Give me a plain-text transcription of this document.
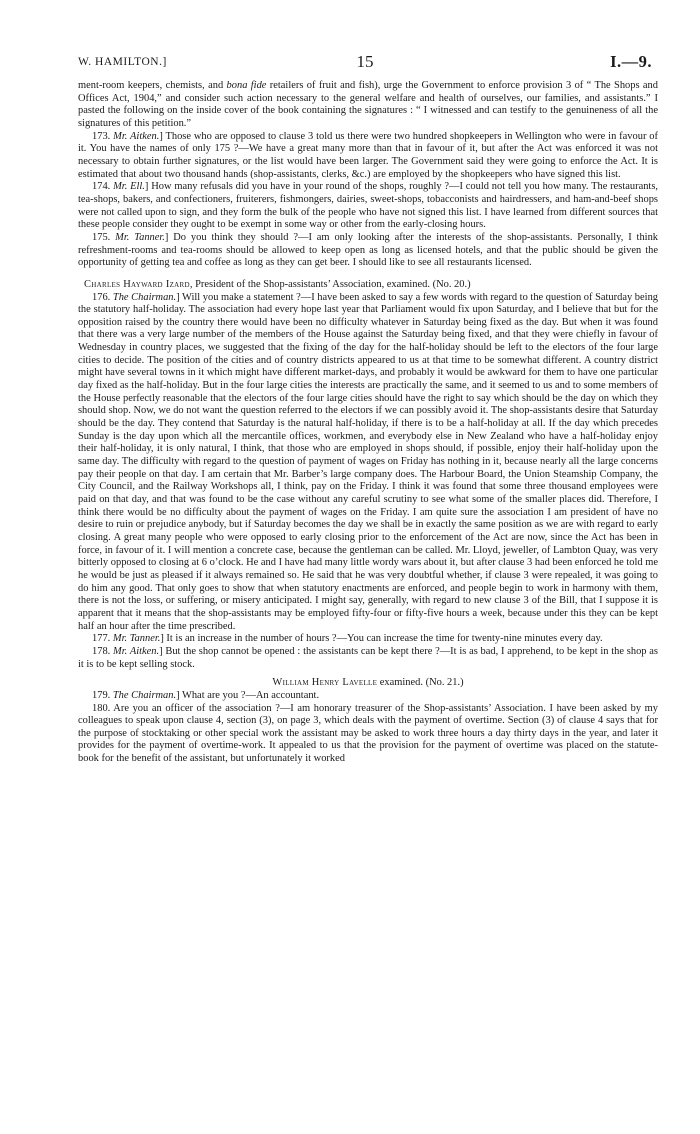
W. HAMILTON.]	15	I.—9.

ment-room keepers, chemists, and bona fide retailers of fruit and fish), urge the Government to enforce provision 3 of “ The Shops and Offices Act, 1904,” and consider such action necessary to the general welfare and health of ourselves, our families, and assistants.” I pasted the following on the inside cover of the book containing the signatures : “ I witnessed and can testify to the genuineness of all the signatures of this petition.”

173. Mr. Aitken.] Those who are opposed to clause 3 told us there were two hundred shopkeepers in Wellington who were in favour of it. You have the names of only 175 ?—We have a great many more than that in favour of it, but after the Act was enforced it was not necessary to obtain further signatures, or the list would have been larger. The Government said they were going to enforce the Act. It is estimated that about two thousand hands (shop-assistants, clerks, &c.) are employed by the shopkeepers who have signed this list.

174. Mr. Ell.] How many refusals did you have in your round of the shops, roughly ?—I could not tell you how many. The restaurants, tea-shops, bakers, and confectioners, fruiterers, fishmongers, dairies, sweet-shops, tobacconists and hairdressers, and ham-and-beef shops were not called upon to sign, and they form the bulk of the people who have not signed this list. I have learned from different sources that these people consider they ought to be exempt in some way or other from the early-closing hours.

175. Mr. Tanner.] Do you think they should ?—I am only looking after the interests of the shop-assistants. Personally, I think refreshment-rooms and tea-rooms should be allowed to keep open as long as licensed hotels, and that the public should be given the opportunity of getting tea and coffee as long as they can get beer. I should like to see all restaurants licensed.

Charles Hayward Izard, President of the Shop-assistants’ Association, examined. (No. 20.)

176. The Chairman.] Will you make a statement ?—I have been asked to say a few words with regard to the question of Saturday being the statutory half-holiday. The association had every hope last year that Parliament would fix upon Saturday, and I believe that but for the opposition raised by the country there would have been no difficulty whatever in Saturday being fixed as the day. But when it was found that there was a very large number of the members of the House against the Saturday being fixed, and that they were chiefly in favour of Wednesday in country places, we suggested that the fixing of the day for the half-holiday should be left to the electors of the four large cities to decide. The position of the cities and of country districts appeared to us at that time to be somewhat different. A country district might have several towns in it which might have different market-days, and probably it would be awkward for them to have one particular day fixed as the half-holiday. But in the four large cities the interests are practically the same, and it seemed to us and to some members of the House perfectly reasonable that the electors of the four large cities should have the right to say which should be the day on which they should shop. Now, we do not want the question referred to the electors if we can possibly avoid it. The shop-assistants desire that Saturday should be the day. They contend that Saturday is the natural half-holiday, if there is to be a half-holiday at all. If the day which precedes Sunday is the day upon which all the mercantile offices, workmen, and everybody else in New Zealand who have a half-holiday enjoy their half-holiday, it is only natural, I think, that those who are employed in shops should, if possible, enjoy their half-holiday upon the same day. The difficulty with regard to the question of payment of wages on Friday has nothing in it, because nearly all the large concerns pay their people on that day. I am certain that Mr. Barber’s large company does. The Harbour Board, the Union Steamship Company, the City Council, and the Railway Workshops all, I think, pay on the Friday. I think it was found that some three thousand employees were paid on that day, and that was found to be the case without any careful scrutiny to see what some of the smaller places did. Therefore, I think there would be no difficulty about the payment of wages on the Friday. I am quite sure the association I am president of have no desire to ruin or prejudice anybody, but if Saturday becomes the day we shall be in exactly the same position as we are with regard to early closing. A great many people who were opposed to early closing prior to the enforcement of the Act are now, since the Act has been in force, in favour of it. I will mention a concrete case, because the gentleman can be called. Mr. Lloyd, jeweller, of Lambton Quay, was very bitterly opposed to closing at 6 o’clock. He and I have had many little wordy wars about it, but after clause 3 had been enforced he told me he would be just as pleased if it always remained so. He said that he was very doubtful whether, if clause 3 were repealed, it was going to do him any good. That only goes to show that when statutory enactments are enforced, and people begin to work in harmony with them, there is not the loss, or suffering, or misery anticipated. I might say, generally, with regard to new clause 3 of the Bill, that I suppose it is apparent that it means that the shop-assistants may be employed fifty-four or fifty-five hours a week, because under this they can be kept half an hour after the time prescribed.

177. Mr. Tanner.] It is an increase in the number of hours ?—You can increase the time for twenty-nine minutes every day.

178. Mr. Aitken.] But the shop cannot be opened : the assistants can be kept there ?—It is as bad, I apprehend, to be kept in the shop as it is to be kept selling stock.

William Henry Lavelle examined. (No. 21.)

179. The Chairman.] What are you ?—An accountant.

180. Are you an officer of the association ?—I am honorary treasurer of the Shop-assistants’ Association. I have been asked by my colleagues to speak upon clause 4, section (3), on page 3, which deals with the payment of overtime. Section (3) of clause 4 says that for the purpose of stocktaking or other special work the assistant may be asked to work three hours a day thirty days in the year, and later it provides for the payment of overtime-work. It appealed to us that the provision for the payment of overtime was placed on the statute-book for the benefit of the assistant, but unfortunately it worked
